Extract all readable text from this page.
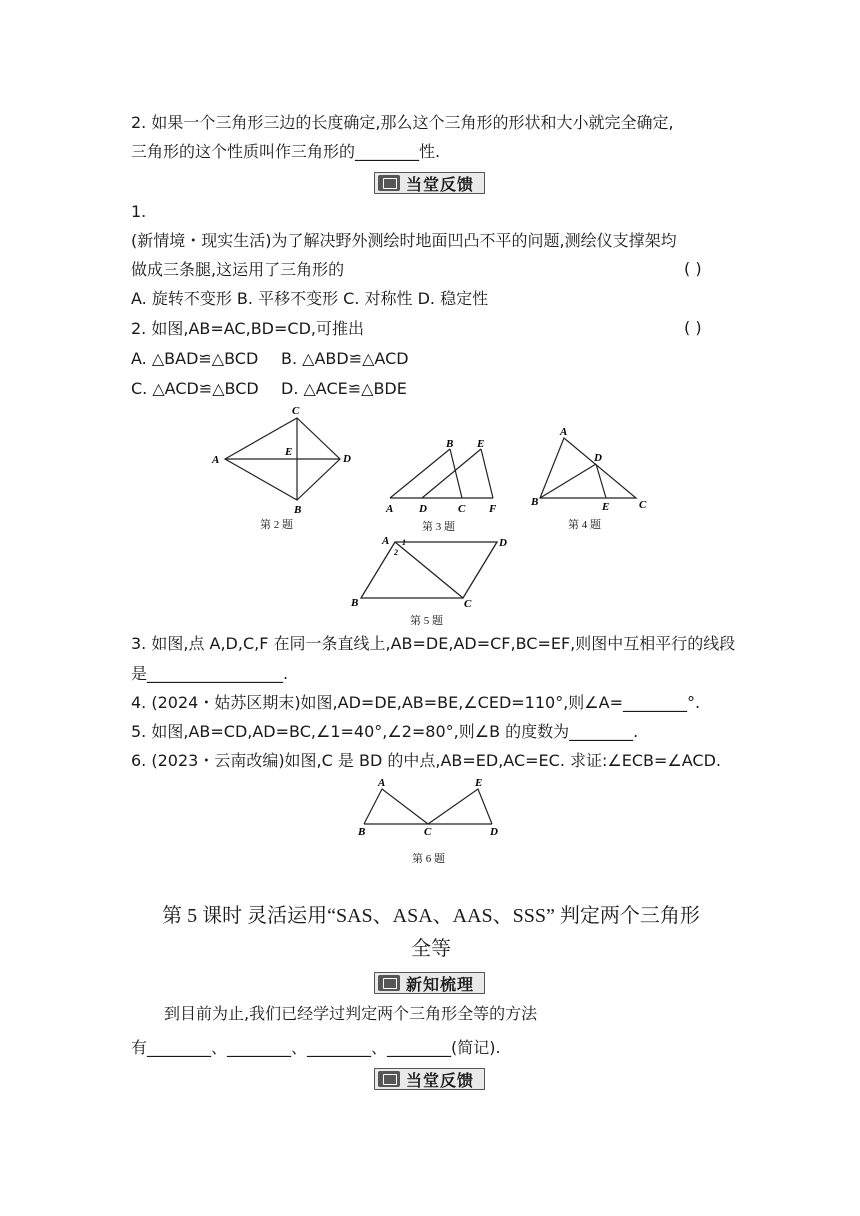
2. 如果一个三角形三边的长度确定,那么这个三角形的形状和大小就完全确定,
三角形的这个性质叫作三角形的________性.
当堂反馈
1.
(新情境・现实生活)为了解决野外测绘时地面凹凸不平的问题,测绘仪支撑架均
做成三条腿,这运用了三角形的	( )
A. 旋转不变形 B. 平移不变形 C. 对称性 D. 稳定性
2. 如图,AB=AC,BD=CD,可推出	( )
A. △BAD≌△BCD B. △ABD≌△ACD
C. △ACD≌△BCD D. △ACE≌△BDE
A
B
C
D
E
第 2 题
A
B
C
D
E
F
第 3 题
A
B	C
D
E
第 4 题
A
B	C
D
1
2
第 5 题
3. 如图,点 A,D,C,F 在同一条直线上,AB=DE,AD=CF,BC=EF,则图中互相平行的线段
是_________________.
4. (2024・姑苏区期末)如图,AD=DE,AB=BE,∠CED=110°,则∠A=________°.
5. 如图,AB=CD,AD=BC,∠1=40°,∠2=80°,则∠B 的度数为________.
6. (2023・云南改编)如图,C 是 BD 的中点,AB=ED,AC=EC. 求证:∠ECB=∠ACD.
A
B	C	D
E
第 6 题
第 5 课时 灵活运用“SAS、ASA、AAS、SSS” 判定两个三角形
全等
新知梳理
到目前为止,我们已经学过判定两个三角形全等的方法
有________、________、________、________(简记).
当堂反馈
